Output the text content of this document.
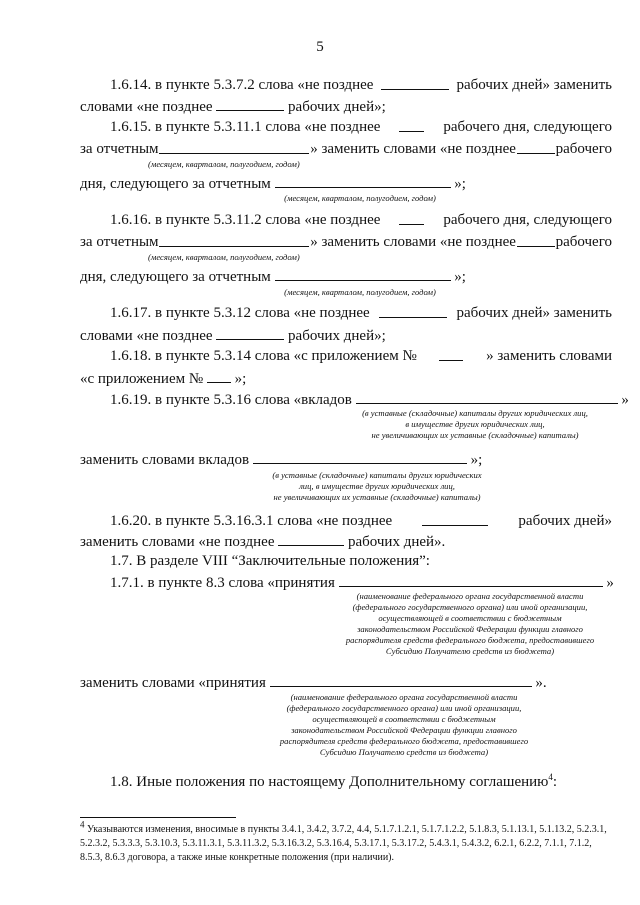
5
1.6.14. в пункте 5.3.7.2 слова «не позднее	рабочих дней» заменить
словами «не позднее	рабочих дней»;
1.6.15. в пункте 5.3.11.1 слова «не позднее	рабочего дня, следующего
за отчетным	» заменить словами «не позднее	рабочего
(месяцем, кварталом, полугодием, годом)
дня, следующего за отчетным	»;
(месяцем, кварталом, полугодием, годом)
1.6.16. в пункте 5.3.11.2 слова «не позднее	рабочего дня, следующего
за отчетным	» заменить словами «не позднее	рабочего
(месяцем, кварталом, полугодием, годом)
дня, следующего за отчетным	»;
(месяцем, кварталом, полугодием, годом)
1.6.17. в пункте 5.3.12 слова «не позднее	рабочих дней» заменить
словами «не позднее	рабочих дней»;
1.6.18. в пункте 5.3.14 слова «с приложением №	» заменить словами
«с приложением № »;
1.6.19. в пункте 5.3.16 слова «вкладов	»
(в уставные (складочные) капиталы других юридических лиц,
в имуществе других юридических лиц,
не увеличивающих их уставные (складочные) капиталы)
заменить словами вкладов	»;
(в уставные (складочные) капиталы других юридических
лиц, в имуществе других юридических лиц,
не увеличивающих их уставные (складочные) капиталы)
1.6.20. в пункте 5.3.16.3.1 слова «не позднее	рабочих дней»
заменить словами «не позднее	рабочих дней».
1.7. В разделе VIII “Заключительные положения”:
1.7.1. в пункте 8.3 слова «принятия	»
(наименование федерального органа государственной власти
(федерального государственного органа) или иной организации,
осуществляющей в соответствии с бюджетным
законодательством Российской Федерации функции главного
распорядителя средств федерального бюджета, предоставившего
Субсидию Получателю средств из бюджета)
заменить словами «принятия	».
(наименование федерального органа государственной власти
(федерального государственного органа) или иной организации,
осуществляющей в соответствии с бюджетным
законодательством Российской Федерации функции главного
распорядителя средств федерального бюджета, предоставившего
Субсидию Получателю средств из бюджета)
1.8. Иные положения по настоящему Дополнительному соглашению$^4$:
$^4$ Указываются изменения, вносимые в пункты 3.4.1, 3.4.2, 3.7.2, 4.4, 5.1.7.1.2.1, 5.1.7.1.2.2, 5.1.8.3, 5.1.13.1, 5.1.13.2, 5.2.3.1, 5.2.3.2, 5.3.3.3, 5.3.10.3, 5.3.11.3.1, 5.3.11.3.2, 5.3.16.3.2, 5.3.16.4, 5.3.17.1, 5.3.17.2, 5.4.3.1, 5.4.3.2, 6.2.1, 6.2.2, 7.1.1, 7.1.2, 8.5.3, 8.6.3 договора, а также иные конкретные положения (при наличии).
